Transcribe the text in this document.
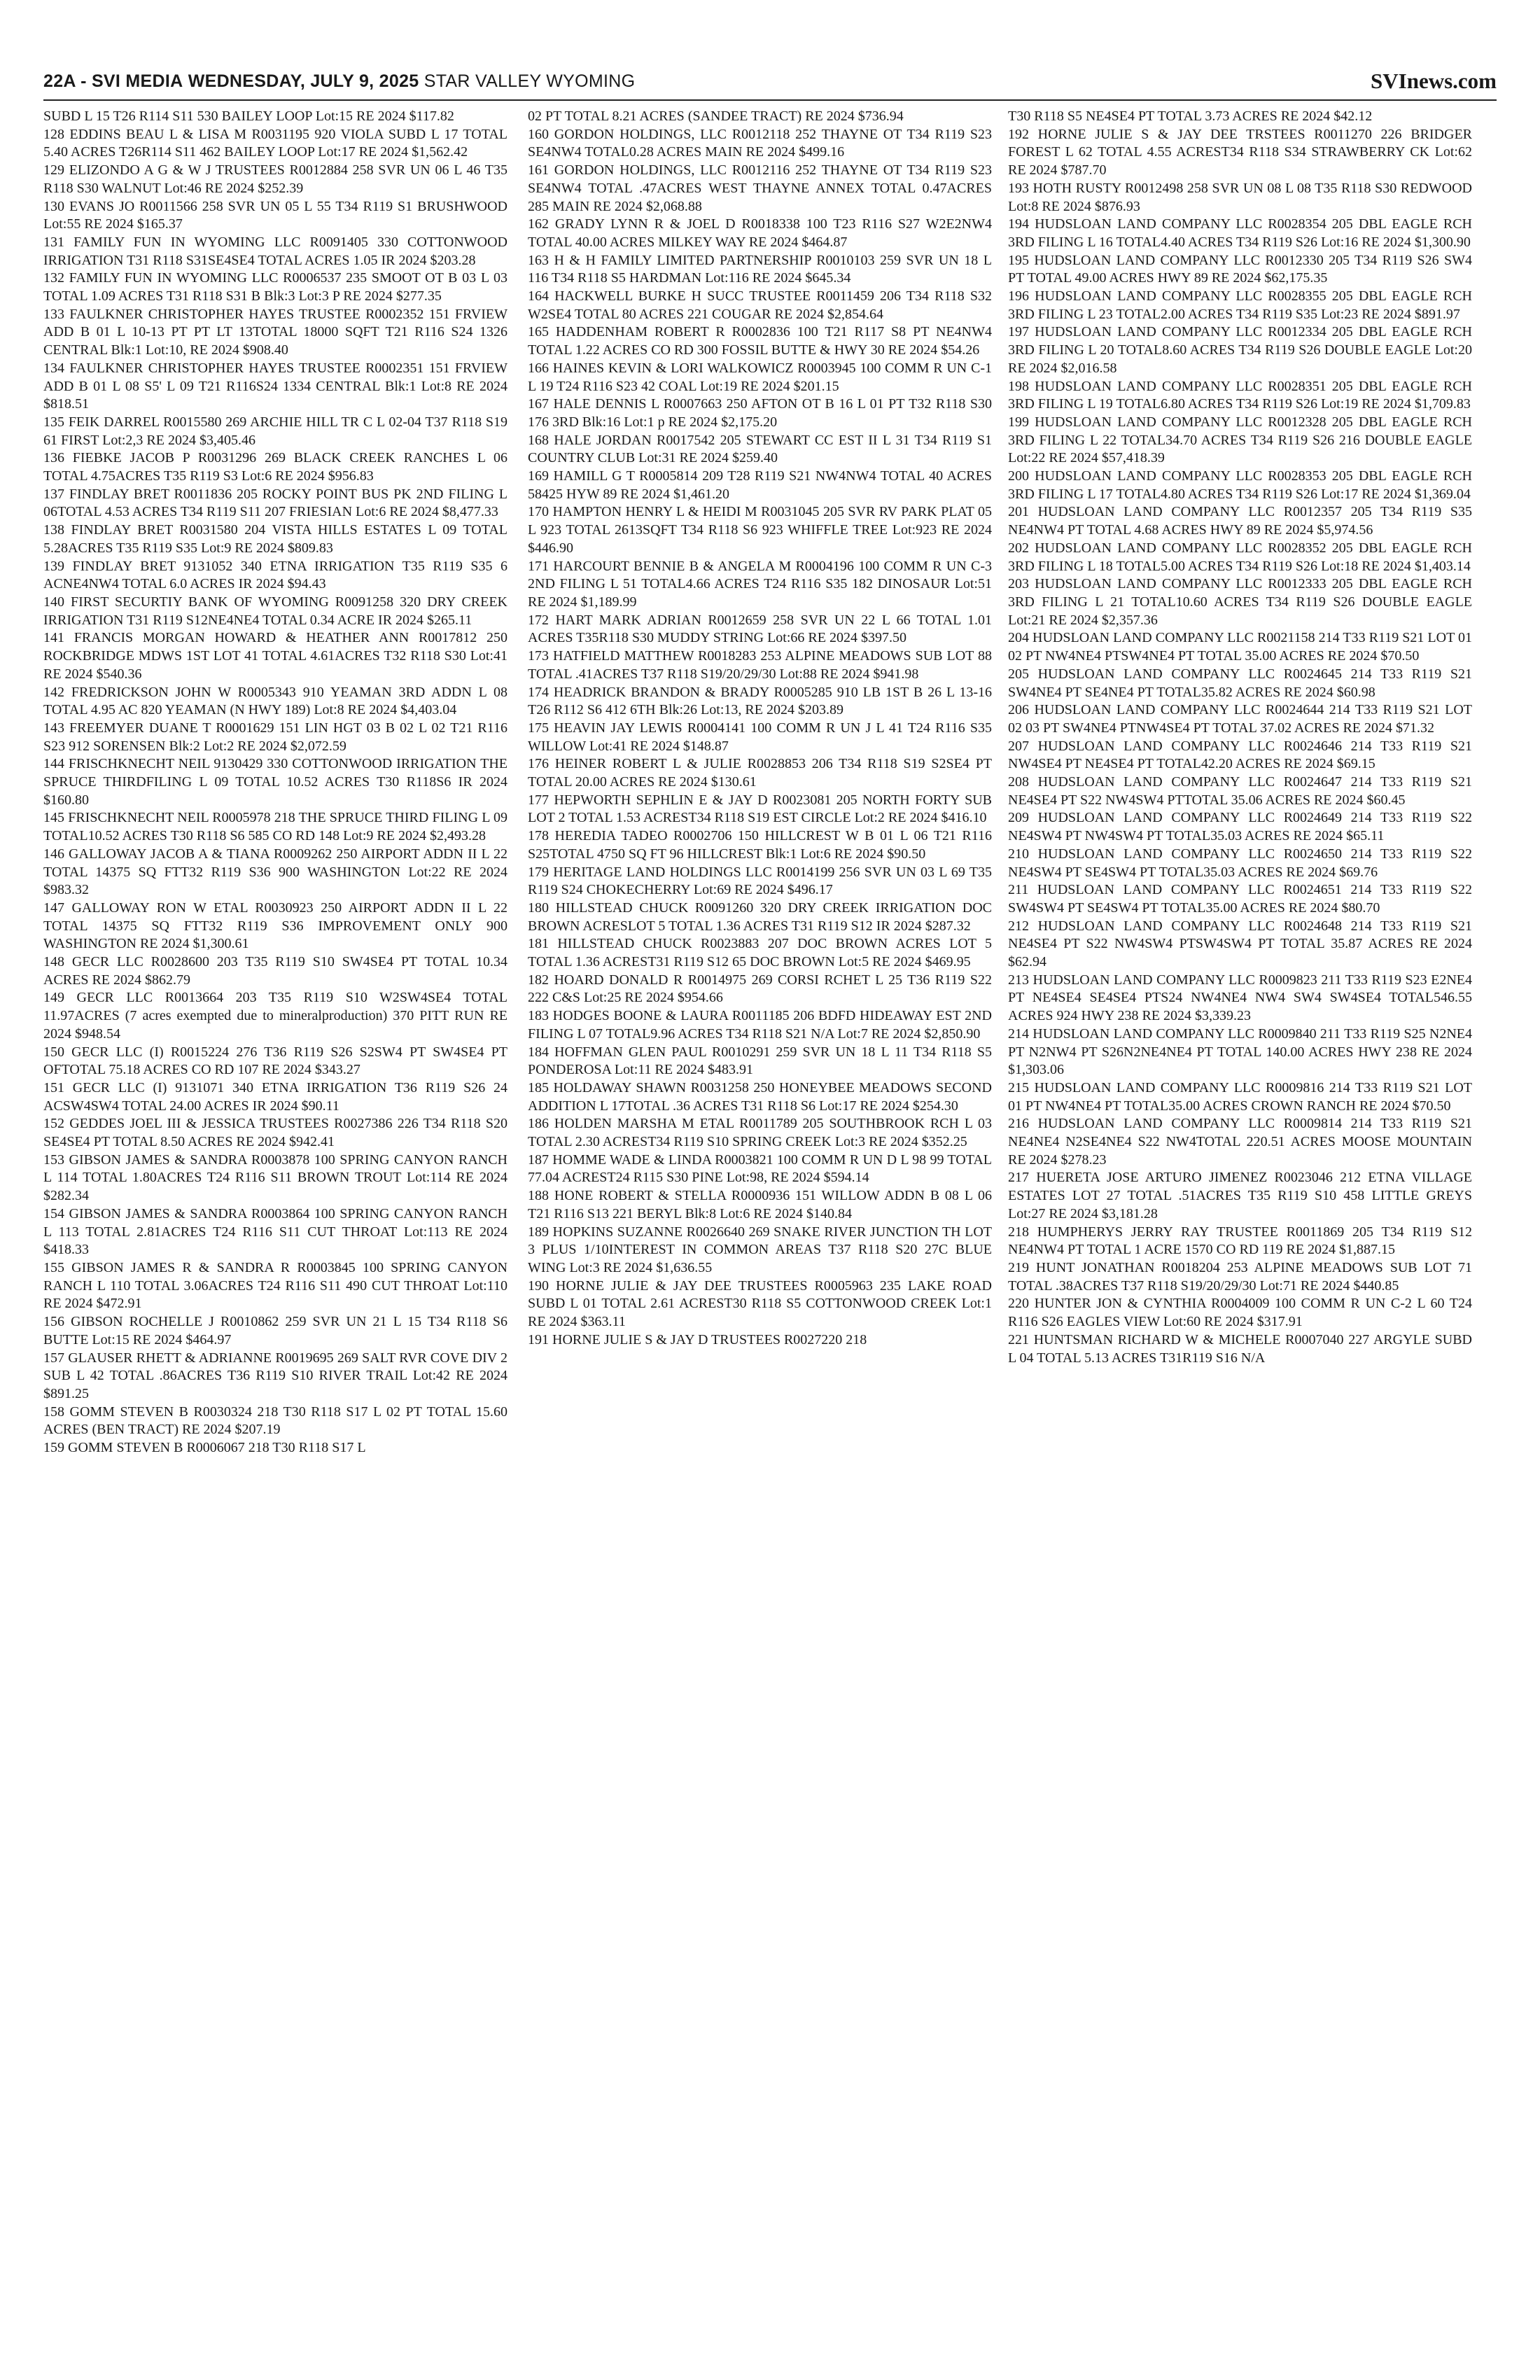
22A - SVI MEDIA WEDNESDAY, JULY 9, 2025 STAR VALLEY WYOMING	SVInews.com

SUBD L 15 T26 R114 S11 530 BAILEY LOOP Lot:15 RE 2024 $117.82

128 EDDINS BEAU L & LISA M R0031195 920 VIOLA SUBD L 17 TOTAL 5.40 ACRES T26R114 S11 462 BAILEY LOOP Lot:17 RE 2024 $1,562.42

129 ELIZONDO A G & W J TRUSTEES R0012884 258 SVR UN 06 L 46 T35 R118 S30 WALNUT Lot:46 RE 2024 $252.39

130 EVANS JO R0011566 258 SVR UN 05 L 55 T34 R119 S1 BRUSHWOOD Lot:55 RE 2024 $165.37

131 FAMILY FUN IN WYOMING LLC R0091405 330 COTTONWOOD IRRIGATION T31 R118 S31SE4SE4 TOTAL ACRES 1.05 IR 2024 $203.28

132 FAMILY FUN IN WYOMING LLC R0006537 235 SMOOT OT B 03 L 03 TOTAL 1.09 ACRES T31 R118 S31 B Blk:3 Lot:3 P RE 2024 $277.35

133 FAULKNER CHRISTOPHER HAYES TRUSTEE R0002352 151 FRVIEW ADD B 01 L 10-13 PT PT LT 13TOTAL 18000 SQFT T21 R116 S24 1326 CENTRAL Blk:1 Lot:10, RE 2024 $908.40

134 FAULKNER CHRISTOPHER HAYES TRUSTEE R0002351 151 FRVIEW ADD B 01 L 08 S5' L 09 T21 R116S24 1334 CENTRAL Blk:1 Lot:8 RE 2024 $818.51

135 FEIK DARREL R0015580 269 ARCHIE HILL TR C L 02-04 T37 R118 S19 61 FIRST Lot:2,3 RE 2024 $3,405.46

136 FIEBKE JACOB P R0031296 269 BLACK CREEK RANCHES L 06 TOTAL 4.75ACRES T35 R119 S3 Lot:6 RE 2024 $956.83

137 FINDLAY BRET R0011836 205 ROCKY POINT BUS PK 2ND FILING L 06TOTAL 4.53 ACRES T34 R119 S11 207 FRIESIAN Lot:6 RE 2024 $8,477.33

138 FINDLAY BRET R0031580 204 VISTA HILLS ESTATES L 09 TOTAL 5.28ACRES T35 R119 S35 Lot:9 RE 2024 $809.83

139 FINDLAY BRET 9131052 340 ETNA IRRIGATION T35 R119 S35 6 ACNE4NW4 TOTAL 6.0 ACRES IR 2024 $94.43

140 FIRST SECURTIY BANK OF WYOMING R0091258 320 DRY CREEK IRRIGATION T31 R119 S12NE4NE4 TOTAL 0.34 ACRE IR 2024 $265.11

141 FRANCIS MORGAN HOWARD & HEATHER ANN R0017812 250 ROCKBRIDGE MDWS 1ST LOT 41 TOTAL 4.61ACRES T32 R118 S30 Lot:41 RE 2024 $540.36

142 FREDRICKSON JOHN W R0005343 910 YEAMAN 3RD ADDN L 08 TOTAL 4.95 AC 820 YEAMAN (N HWY 189) Lot:8 RE 2024 $4,403.04

143 FREEMYER DUANE T R0001629 151 LIN HGT 03 B 02 L 02 T21 R116 S23 912 SORENSEN Blk:2 Lot:2 RE 2024 $2,072.59

144 FRISCHKNECHT NEIL 9130429 330 COTTONWOOD IRRIGATION THE SPRUCE THIRDFILING L 09 TOTAL 10.52 ACRES T30 R118S6 IR 2024 $160.80

145 FRISCHKNECHT NEIL R0005978 218 THE SPRUCE THIRD FILING L 09 TOTAL10.52 ACRES T30 R118 S6 585 CO RD 148 Lot:9 RE 2024 $2,493.28

146 GALLOWAY JACOB A & TIANA R0009262 250 AIRPORT ADDN II L 22 TOTAL 14375 SQ FTT32 R119 S36 900 WASHINGTON Lot:22 RE 2024 $983.32

147 GALLOWAY RON W ETAL R0030923 250 AIRPORT ADDN II L 22 TOTAL 14375 SQ FTT32 R119 S36 IMPROVEMENT ONLY 900 WASHINGTON RE 2024 $1,300.61

148 GECR LLC R0028600 203 T35 R119 S10 SW4SE4 PT TOTAL 10.34 ACRES RE 2024 $862.79

149 GECR LLC R0013664 203 T35 R119 S10 W2SW4SE4 TOTAL 11.97ACRES (7 acres exempted due to mineralproduction) 370 PITT RUN RE 2024 $948.54

150 GECR LLC (I) R0015224 276 T36 R119 S26 S2SW4 PT SW4SE4 PT OFTOTAL 75.18 ACRES CO RD 107 RE 2024 $343.27

151 GECR LLC (I) 9131071 340 ETNA IRRIGATION T36 R119 S26 24 ACSW4SW4 TOTAL 24.00 ACRES IR 2024 $90.11

152 GEDDES JOEL III & JESSICA TRUSTEES R0027386 226 T34 R118 S20 SE4SE4 PT TOTAL 8.50 ACRES RE 2024 $942.41

153 GIBSON JAMES & SANDRA R0003878 100 SPRING CANYON RANCH L 114 TOTAL 1.80ACRES T24 R116 S11 BROWN TROUT Lot:114 RE 2024 $282.34

154 GIBSON JAMES & SANDRA R0003864 100 SPRING CANYON RANCH L 113 TOTAL 2.81ACRES T24 R116 S11 CUT THROAT Lot:113 RE 2024 $418.33

155 GIBSON JAMES R & SANDRA R R0003845 100 SPRING CANYON RANCH L 110 TOTAL 3.06ACRES T24 R116 S11 490 CUT THROAT Lot:110 RE 2024 $472.91

156 GIBSON ROCHELLE J R0010862 259 SVR UN 21 L 15 T34 R118 S6 BUTTE Lot:15 RE 2024 $464.97

157 GLAUSER RHETT & ADRIANNE R0019695 269 SALT RVR COVE DIV 2 SUB L 42 TOTAL .86ACRES T36 R119 S10 RIVER TRAIL Lot:42 RE 2024 $891.25

158 GOMM STEVEN B R0030324 218 T30 R118 S17 L 02 PT TOTAL 15.60 ACRES (BEN TRACT) RE 2024 $207.19

159 GOMM STEVEN B R0006067 218 T30 R118 S17 L

02 PT TOTAL 8.21 ACRES (SANDEE TRACT) RE 2024 $736.94

160 GORDON HOLDINGS, LLC R0012118 252 THAYNE OT T34 R119 S23 SE4NW4 TOTAL0.28 ACRES MAIN RE 2024 $499.16

161 GORDON HOLDINGS, LLC R0012116 252 THAYNE OT T34 R119 S23 SE4NW4 TOTAL .47ACRES WEST THAYNE ANNEX TOTAL 0.47ACRES 285 MAIN RE 2024 $2,068.88

162 GRADY LYNN R & JOEL D R0018338 100 T23 R116 S27 W2E2NW4 TOTAL 40.00 ACRES MILKEY WAY RE 2024 $464.87

163 H & H FAMILY LIMITED PARTNERSHIP R0010103 259 SVR UN 18 L 116 T34 R118 S5 HARDMAN Lot:116 RE 2024 $645.34

164 HACKWELL BURKE H SUCC TRUSTEE R0011459 206 T34 R118 S32 W2SE4 TOTAL 80 ACRES 221 COUGAR RE 2024 $2,854.64

165 HADDENHAM ROBERT R R0002836 100 T21 R117 S8 PT NE4NW4 TOTAL 1.22 ACRES CO RD 300 FOSSIL BUTTE & HWY 30 RE 2024 $54.26

166 HAINES KEVIN & LORI WALKOWICZ R0003945 100 COMM R UN C-1 L 19 T24 R116 S23 42 COAL Lot:19 RE 2024 $201.15

167 HALE DENNIS L R0007663 250 AFTON OT B 16 L 01 PT T32 R118 S30 176 3RD Blk:16 Lot:1 p RE 2024 $2,175.20

168 HALE JORDAN R0017542 205 STEWART CC EST II L 31 T34 R119 S1 COUNTRY CLUB Lot:31 RE 2024 $259.40

169 HAMILL G T R0005814 209 T28 R119 S21 NW4NW4 TOTAL 40 ACRES 58425 HYW 89 RE 2024 $1,461.20

170 HAMPTON HENRY L & HEIDI M R0031045 205 SVR RV PARK PLAT 05 L 923 TOTAL 2613SQFT T34 R118 S6 923 WHIFFLE TREE Lot:923 RE 2024 $446.90

171 HARCOURT BENNIE B & ANGELA M R0004196 100 COMM R UN C-3 2ND FILING L 51 TOTAL4.66 ACRES T24 R116 S35 182 DINOSAUR Lot:51 RE 2024 $1,189.99

172 HART MARK ADRIAN R0012659 258 SVR UN 22 L 66 TOTAL 1.01 ACRES T35R118 S30 MUDDY STRING Lot:66 RE 2024 $397.50

173 HATFIELD MATTHEW R0018283 253 ALPINE MEADOWS SUB LOT 88 TOTAL .41ACRES T37 R118 S19/20/29/30 Lot:88 RE 2024 $941.98

174 HEADRICK BRANDON & BRADY R0005285 910 LB 1ST B 26 L 13-16 T26 R112 S6 412 6TH Blk:26 Lot:13, RE 2024 $203.89

175 HEAVIN JAY LEWIS R0004141 100 COMM R UN J L 41 T24 R116 S35 WILLOW Lot:41 RE 2024 $148.87

176 HEINER ROBERT L & JULIE R0028853 206 T34 R118 S19 S2SE4 PT TOTAL 20.00 ACRES RE 2024 $130.61

177 HEPWORTH SEPHLIN E & JAY D R0023081 205 NORTH FORTY SUB LOT 2 TOTAL 1.53 ACREST34 R118 S19 EST CIRCLE Lot:2 RE 2024 $416.10

178 HEREDIA TADEO R0002706 150 HILLCREST W B 01 L 06 T21 R116 S25TOTAL 4750 SQ FT 96 HILLCREST Blk:1 Lot:6 RE 2024 $90.50

179 HERITAGE LAND HOLDINGS LLC R0014199 256 SVR UN 03 L 69 T35 R119 S24 CHOKECHERRY Lot:69 RE 2024 $496.17

180 HILLSTEAD CHUCK R0091260 320 DRY CREEK IRRIGATION DOC BROWN ACRESLOT 5 TOTAL 1.36 ACRES T31 R119 S12 IR 2024 $287.32

181 HILLSTEAD CHUCK R0023883 207 DOC BROWN ACRES LOT 5 TOTAL 1.36 ACREST31 R119 S12 65 DOC BROWN Lot:5 RE 2024 $469.95

182 HOARD DONALD R R0014975 269 CORSI RCHET L 25 T36 R119 S22 222 C&S Lot:25 RE 2024 $954.66

183 HODGES BOONE & LAURA R0011185 206 BDFD HIDEAWAY EST 2ND FILING L 07 TOTAL9.96 ACRES T34 R118 S21 N/A Lot:7 RE 2024 $2,850.90

184 HOFFMAN GLEN PAUL R0010291 259 SVR UN 18 L 11 T34 R118 S5 PONDEROSA Lot:11 RE 2024 $483.91

185 HOLDAWAY SHAWN R0031258 250 HONEYBEE MEADOWS SECOND ADDITION L 17TOTAL .36 ACRES T31 R118 S6 Lot:17 RE 2024 $254.30

186 HOLDEN MARSHA M ETAL R0011789 205 SOUTHBROOK RCH L 03 TOTAL 2.30 ACREST34 R119 S10 SPRING CREEK Lot:3 RE 2024 $352.25

187 HOMME WADE & LINDA R0003821 100 COMM R UN D L 98 99 TOTAL 77.04 ACREST24 R115 S30 PINE Lot:98, RE 2024 $594.14

188 HONE ROBERT & STELLA R0000936 151 WILLOW ADDN B 08 L 06 T21 R116 S13 221 BERYL Blk:8 Lot:6 RE 2024 $140.84

189 HOPKINS SUZANNE R0026640 269 SNAKE RIVER JUNCTION TH LOT 3 PLUS 1/10INTEREST IN COMMON AREAS T37 R118 S20 27C BLUE WING Lot:3 RE 2024 $1,636.55

190 HORNE JULIE & JAY DEE TRUSTEES R0005963 235 LAKE ROAD SUBD L 01 TOTAL 2.61 ACREST30 R118 S5 COTTONWOOD CREEK Lot:1 RE 2024 $363.11

191 HORNE JULIE S & JAY D TRUSTEES R0027220 218

T30 R118 S5 NE4SE4 PT TOTAL 3.73 ACRES RE 2024 $42.12

192 HORNE JULIE S & JAY DEE TRSTEES R0011270 226 BRIDGER FOREST L 62 TOTAL 4.55 ACREST34 R118 S34 STRAWBERRY CK Lot:62 RE 2024 $787.70

193 HOTH RUSTY R0012498 258 SVR UN 08 L 08 T35 R118 S30 REDWOOD Lot:8 RE 2024 $876.93

194 HUDSLOAN LAND COMPANY LLC R0028354 205 DBL EAGLE RCH 3RD FILING L 16 TOTAL4.40 ACRES T34 R119 S26 Lot:16 RE 2024 $1,300.90

195 HUDSLOAN LAND COMPANY LLC R0012330 205 T34 R119 S26 SW4 PT TOTAL 49.00 ACRES HWY 89 RE 2024 $62,175.35

196 HUDSLOAN LAND COMPANY LLC R0028355 205 DBL EAGLE RCH 3RD FILING L 23 TOTAL2.00 ACRES T34 R119 S35 Lot:23 RE 2024 $891.97

197 HUDSLOAN LAND COMPANY LLC R0012334 205 DBL EAGLE RCH 3RD FILING L 20 TOTAL8.60 ACRES T34 R119 S26 DOUBLE EAGLE Lot:20 RE 2024 $2,016.58

198 HUDSLOAN LAND COMPANY LLC R0028351 205 DBL EAGLE RCH 3RD FILING L 19 TOTAL6.80 ACRES T34 R119 S26 Lot:19 RE 2024 $1,709.83

199 HUDSLOAN LAND COMPANY LLC R0012328 205 DBL EAGLE RCH 3RD FILING L 22 TOTAL34.70 ACRES T34 R119 S26 216 DOUBLE EAGLE Lot:22 RE 2024 $57,418.39

200 HUDSLOAN LAND COMPANY LLC R0028353 205 DBL EAGLE RCH 3RD FILING L 17 TOTAL4.80 ACRES T34 R119 S26 Lot:17 RE 2024 $1,369.04

201 HUDSLOAN LAND COMPANY LLC R0012357 205 T34 R119 S35 NE4NW4 PT TOTAL 4.68 ACRES HWY 89 RE 2024 $5,974.56

202 HUDSLOAN LAND COMPANY LLC R0028352 205 DBL EAGLE RCH 3RD FILING L 18 TOTAL5.00 ACRES T34 R119 S26 Lot:18 RE 2024 $1,403.14

203 HUDSLOAN LAND COMPANY LLC R0012333 205 DBL EAGLE RCH 3RD FILING L 21 TOTAL10.60 ACRES T34 R119 S26 DOUBLE EAGLE Lot:21 RE 2024 $2,357.36

204 HUDSLOAN LAND COMPANY LLC R0021158 214 T33 R119 S21 LOT 01 02 PT NW4NE4 PTSW4NE4 PT TOTAL 35.00 ACRES RE 2024 $70.50

205 HUDSLOAN LAND COMPANY LLC R0024645 214 T33 R119 S21 SW4NE4 PT SE4NE4 PT TOTAL35.82 ACRES RE 2024 $60.98

206 HUDSLOAN LAND COMPANY LLC R0024644 214 T33 R119 S21 LOT 02 03 PT SW4NE4 PTNW4SE4 PT TOTAL 37.02 ACRES RE 2024 $71.32

207 HUDSLOAN LAND COMPANY LLC R0024646 214 T33 R119 S21 NW4SE4 PT NE4SE4 PT TOTAL42.20 ACRES RE 2024 $69.15

208 HUDSLOAN LAND COMPANY LLC R0024647 214 T33 R119 S21 NE4SE4 PT S22 NW4SW4 PTTOTAL 35.06 ACRES RE 2024 $60.45

209 HUDSLOAN LAND COMPANY LLC R0024649 214 T33 R119 S22 NE4SW4 PT NW4SW4 PT TOTAL35.03 ACRES RE 2024 $65.11

210 HUDSLOAN LAND COMPANY LLC R0024650 214 T33 R119 S22 NE4SW4 PT SE4SW4 PT TOTAL35.03 ACRES RE 2024 $69.76

211 HUDSLOAN LAND COMPANY LLC R0024651 214 T33 R119 S22 SW4SW4 PT SE4SW4 PT TOTAL35.00 ACRES RE 2024 $80.70

212 HUDSLOAN LAND COMPANY LLC R0024648 214 T33 R119 S21 NE4SE4 PT S22 NW4SW4 PTSW4SW4 PT TOTAL 35.87 ACRES RE 2024 $62.94

213 HUDSLOAN LAND COMPANY LLC R0009823 211 T33 R119 S23 E2NE4 PT NE4SE4 SE4SE4 PTS24 NW4NE4 NW4 SW4 SW4SE4 TOTAL546.55 ACRES 924 HWY 238 RE 2024 $3,339.23

214 HUDSLOAN LAND COMPANY LLC R0009840 211 T33 R119 S25 N2NE4 PT N2NW4 PT S26N2NE4NE4 PT TOTAL 140.00 ACRES HWY 238 RE 2024 $1,303.06

215 HUDSLOAN LAND COMPANY LLC R0009816 214 T33 R119 S21 LOT 01 PT NW4NE4 PT TOTAL35.00 ACRES CROWN RANCH RE 2024 $70.50

216 HUDSLOAN LAND COMPANY LLC R0009814 214 T33 R119 S21 NE4NE4 N2SE4NE4 S22 NW4TOTAL 220.51 ACRES MOOSE MOUNTAIN RE 2024 $278.23

217 HUERETA JOSE ARTURO JIMENEZ R0023046 212 ETNA VILLAGE ESTATES LOT 27 TOTAL .51ACRES T35 R119 S10 458 LITTLE GREYS Lot:27 RE 2024 $3,181.28

218 HUMPHERYS JERRY RAY TRUSTEE R0011869 205 T34 R119 S12 NE4NW4 PT TOTAL 1 ACRE 1570 CO RD 119 RE 2024 $1,887.15

219 HUNT JONATHAN R0018204 253 ALPINE MEADOWS SUB LOT 71 TOTAL .38ACRES T37 R118 S19/20/29/30 Lot:71 RE 2024 $440.85

220 HUNTER JON & CYNTHIA R0004009 100 COMM R UN C-2 L 60 T24 R116 S26 EAGLES VIEW Lot:60 RE 2024 $317.91

221 HUNTSMAN RICHARD W & MICHELE R0007040 227 ARGYLE SUBD L 04 TOTAL 5.13 ACRES T31R119 S16 N/A
